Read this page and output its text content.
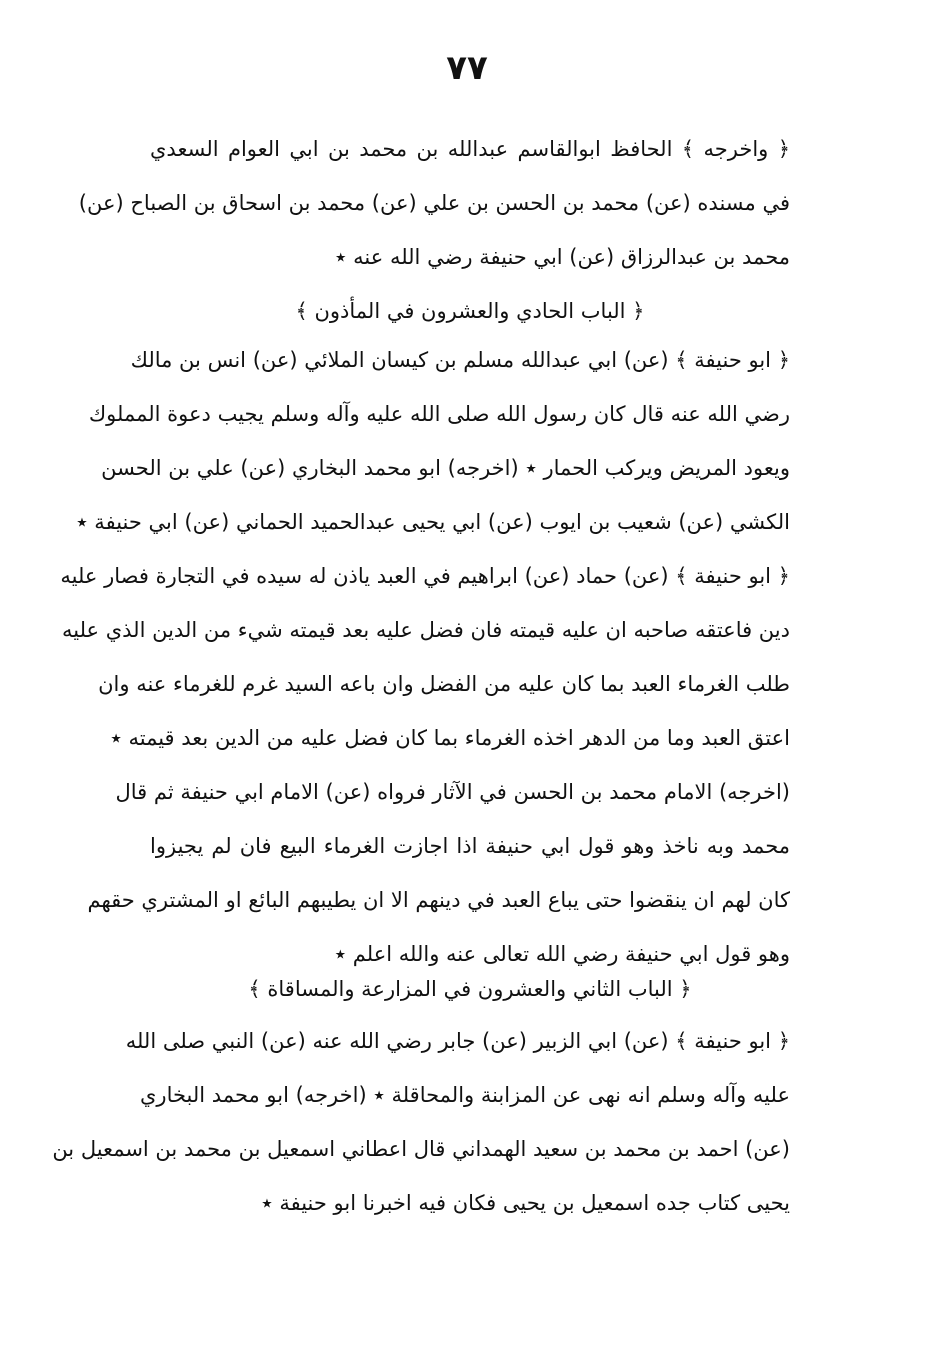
٧٧
﴿ واخرجه ﴾ الحافظ ابوالقاسم عبدالله بن محمد بن ابي العوام السعدي
في مسنده (عن) محمد بن الحسن بن علي (عن) محمد بن اسحاق بن الصباح (عن)
محمد بن عبدالرزاق (عن) ابي حنيفة رضي الله عنه ٭
﴿ الباب الحادي والعشرون في المأذون ﴾
﴿ ابو حنيفة ﴾ (عن) ابي عبدالله مسلم بن كيسان الملائي (عن) انس بن مالك
رضي الله عنه قال كان رسول الله صلى الله عليه وآله وسلم يجيب دعوة المملوك
ويعود المريض ويركب الحمار ٭ (اخرجه) ابو محمد البخاري (عن) علي بن الحسن
الكشي (عن) شعيب بن ايوب (عن) ابي يحيى عبدالحميد الحماني (عن) ابي حنيفة ٭
﴿ ابو حنيفة ﴾ (عن) حماد (عن) ابراهيم في العبد ياذن له سيده في التجارة فصار عليه
دين فاعتقه صاحبه ان عليه قيمته فان فضل عليه بعد قيمته شيء من الدين الذي عليه
طلب الغرماء العبد بما كان عليه من الفضل وان باعه السيد غرم للغرماء عنه وان
اعتق العبد وما من الدهر اخذه الغرماء بما كان فضل عليه من الدين بعد قيمته ٭
(اخرجه) الامام محمد بن الحسن في الآثار فرواه (عن) الامام ابي حنيفة ثم قال
محمد وبه ناخذ وهو قول ابي حنيفة اذا اجازت الغرماء البيع فان لم يجيزوا
كان لهم ان ينقضوا حتى يباع العبد في دينهم الا ان يطيبهم البائع او المشتري حقهم
وهو قول ابي حنيفة رضي الله تعالى عنه والله اعلم ٭
﴿ الباب الثاني والعشرون في المزارعة والمساقاة ﴾
﴿ ابو حنيفة ﴾ (عن) ابي الزبير (عن) جابر رضي الله عنه (عن) النبي صلى الله
عليه وآله وسلم انه نهى عن المزابنة والمحاقلة ٭ (اخرجه) ابو محمد البخاري
(عن) احمد بن محمد بن سعيد الهمداني قال اعطاني اسمعيل بن محمد بن اسمعيل بن
يحيى كتاب جده اسمعيل بن يحيى فكان فيه اخبرنا ابو حنيفة ٭
